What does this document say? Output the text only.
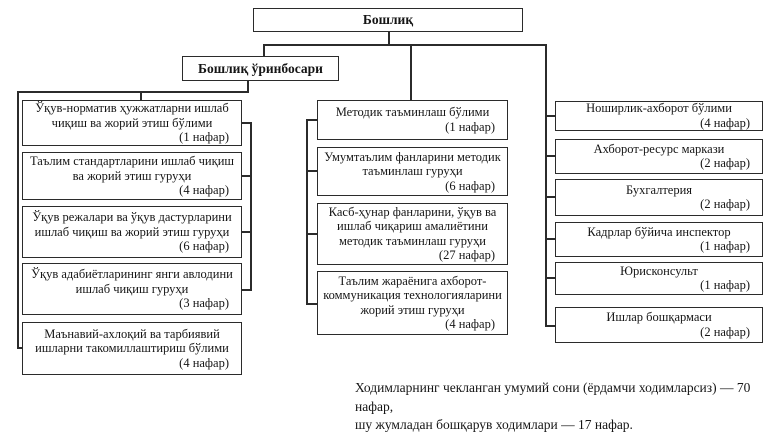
Бошлиқ
Бошлиқ ўринбосари
Ўқув-норматив ҳужжатларни ишлаб чиқиш ва жорий этиш бўлими
(1 нафар)
Таълим стандартларини ишлаб чиқиш ва жорий этиш гуруҳи
(4 нафар)
Ўқув режалари ва ўқув дастурларини ишлаб чиқиш ва жорий этиш гуруҳи
(6 нафар)
Ўқув адабиётларининг янги авлодини ишлаб чиқиш гуруҳи
(3 нафар)
Маънавий-ахлоқий ва тарбиявий ишларни такомиллаштириш бўлими
(4 нафар)
Методик таъминлаш бўлими
(1 нафар)
Умумтаълим фанларини методик таъминлаш гуруҳи
(6 нафар)
Касб-ҳунар фанларини, ўқув ва ишлаб чиқариш амалиётини методик таъминлаш гуруҳи
(27 нафар)
Таълим жараёнига ахборот-коммуникация технологияларини жорий этиш гуруҳи
(4 нафар)
Ноширлик-ахборот бўлими
(4 нафар)
Ахборот-ресурс маркази
(2 нафар)
Бухгалтерия
(2 нафар)
Кадрлар бўйича инспектор
(1 нафар)
Юрисконсульт
(1 нафар)
Ишлар бошқармаси
(2 нафар)
Ходимларнинг чекланган умумий сони (ёрдамчи ходимларсиз) — 70 нафар,
шу жумладан бошқарув ходимлари — 17 нафар.
